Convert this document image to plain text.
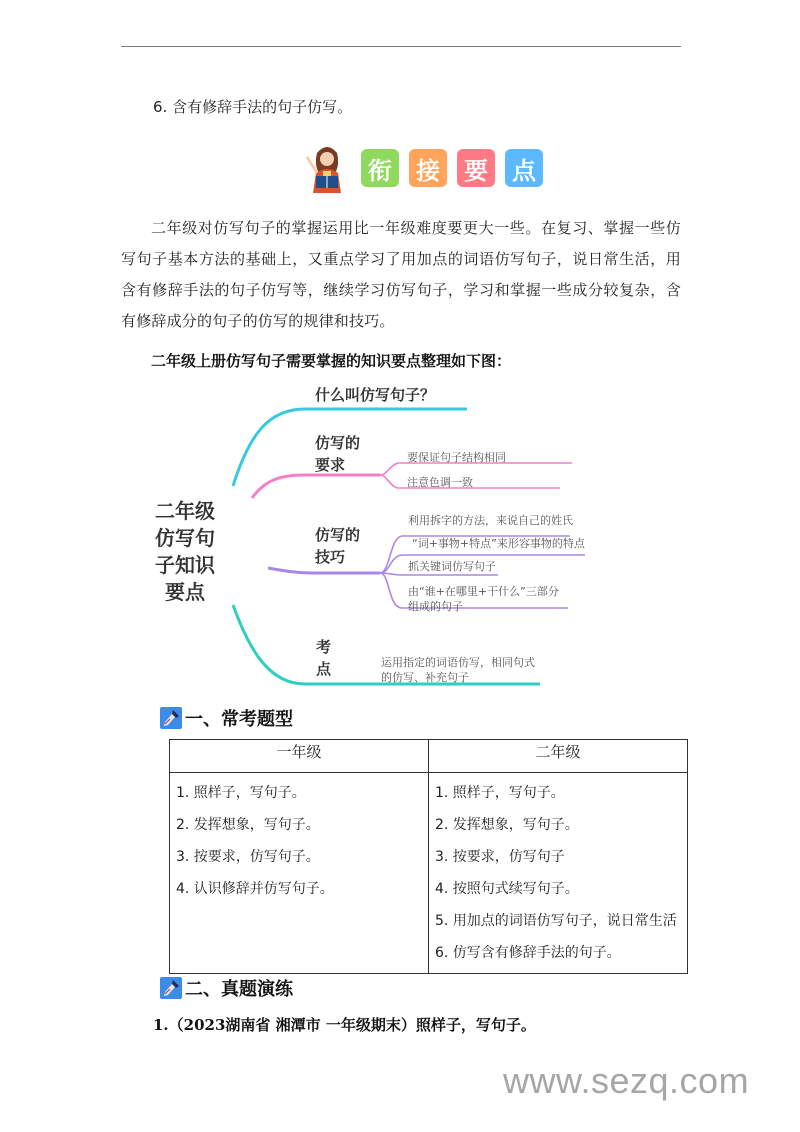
6. 含有修辞手法的句子仿写。
衔 接 要 点

二年级对仿写句子的掌握运用比一年级难度要更大一些。在复习、掌握一些仿写句子基本方法的基础上，又重点学习了用加点的词语仿写句子，说日常生活，用含有修辞手法的句子仿写等，继续学习仿写句子，学习和掌握一些成分较复杂，含有修辞成分的句子的仿写的规律和技巧。

二年级上册仿写句子需要掌握的知识要点整理如下图：
二年级
仿写句
子知识
要点
什么叫仿写句子？
仿写的
要求	要保证句子结构相同
注意色调一致
仿写的
技巧
利用拆字的方法，来说自己的姓氏
“词+事物+特点”来形容事物的特点
抓关键词仿写句子
由“谁+在哪里+干什么”三部分
组成的句子
考
点	运用指定的词语仿写，相同句式
的仿写、补充句子
一、常考题型
一年级	二年级

1. 照样子，写句子。
2. 发挥想象，写句子。
3. 按要求，仿写句子。
4. 认识修辞并仿写句子。

1. 照样子，写句子。
2. 发挥想象，写句子。
3. 按要求，仿写句子
4. 按照句式续写句子。
5. 用加点的词语仿写句子，说日常生活
6. 仿写含有修辞手法的句子。
二、真题演练
1.（2023湖南省 湘潭市 一年级期末）照样子，写句子。
www.sezq.com
